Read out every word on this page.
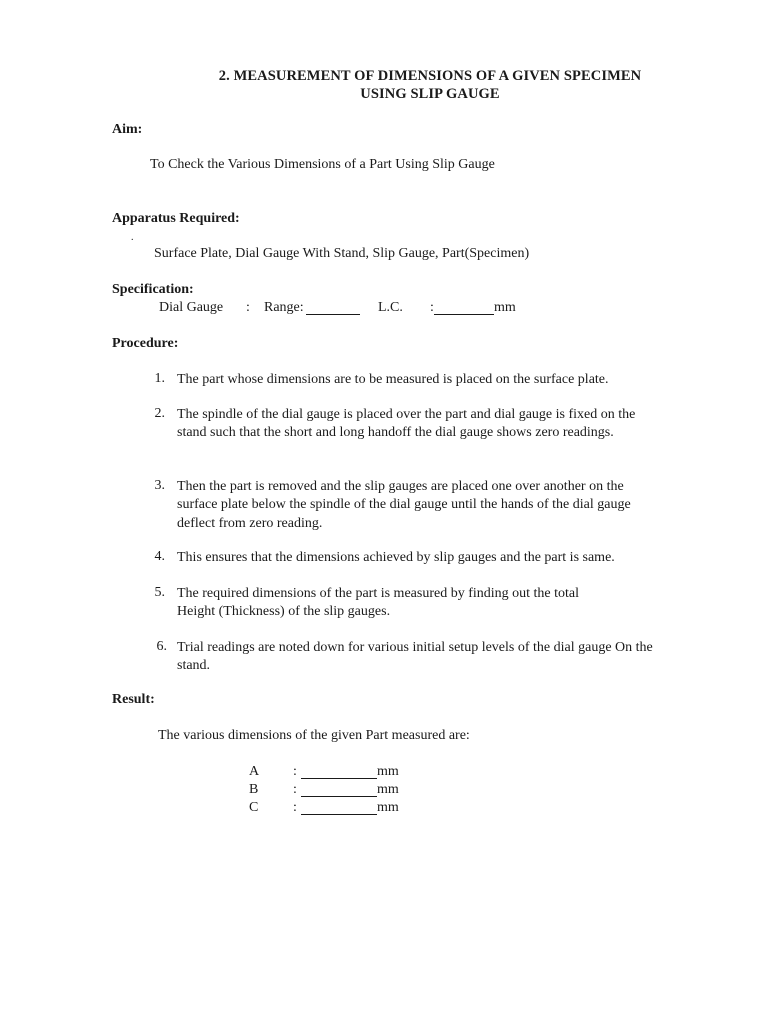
2. MEASUREMENT OF DIMENSIONS OF A GIVEN SPECIMEN
USING SLIP GAUGE
Aim:
To Check the Various Dimensions of a Part Using Slip Gauge
Apparatus Required:
.
Surface Plate, Dial Gauge With Stand, Slip Gauge, Part(Specimen)
Specification:
Dial Gauge : Range:	L.C. :	mm
Procedure:
1. The part whose dimensions are to be measured is placed on the surface plate.
2. The spindle of the dial gauge is placed over the part and dial gauge is fixed on the stand such that the short and long handoff the dial gauge shows zero readings.
3. Then the part is removed and the slip gauges are placed one over another on the surface plate below the spindle of the dial gauge until the hands of the dial gauge deflect from zero reading.
4. This ensures that the dimensions achieved by slip gauges and the part is same.
5. The required dimensions of the part is measured by finding out the total Height (Thickness) of the slip gauges.
6. Trial readings are noted down for various initial setup levels of the dial gauge On the stand.
Result:
The various dimensions of the given Part measured are:
A :	mm
B :	mm
C :	mm
